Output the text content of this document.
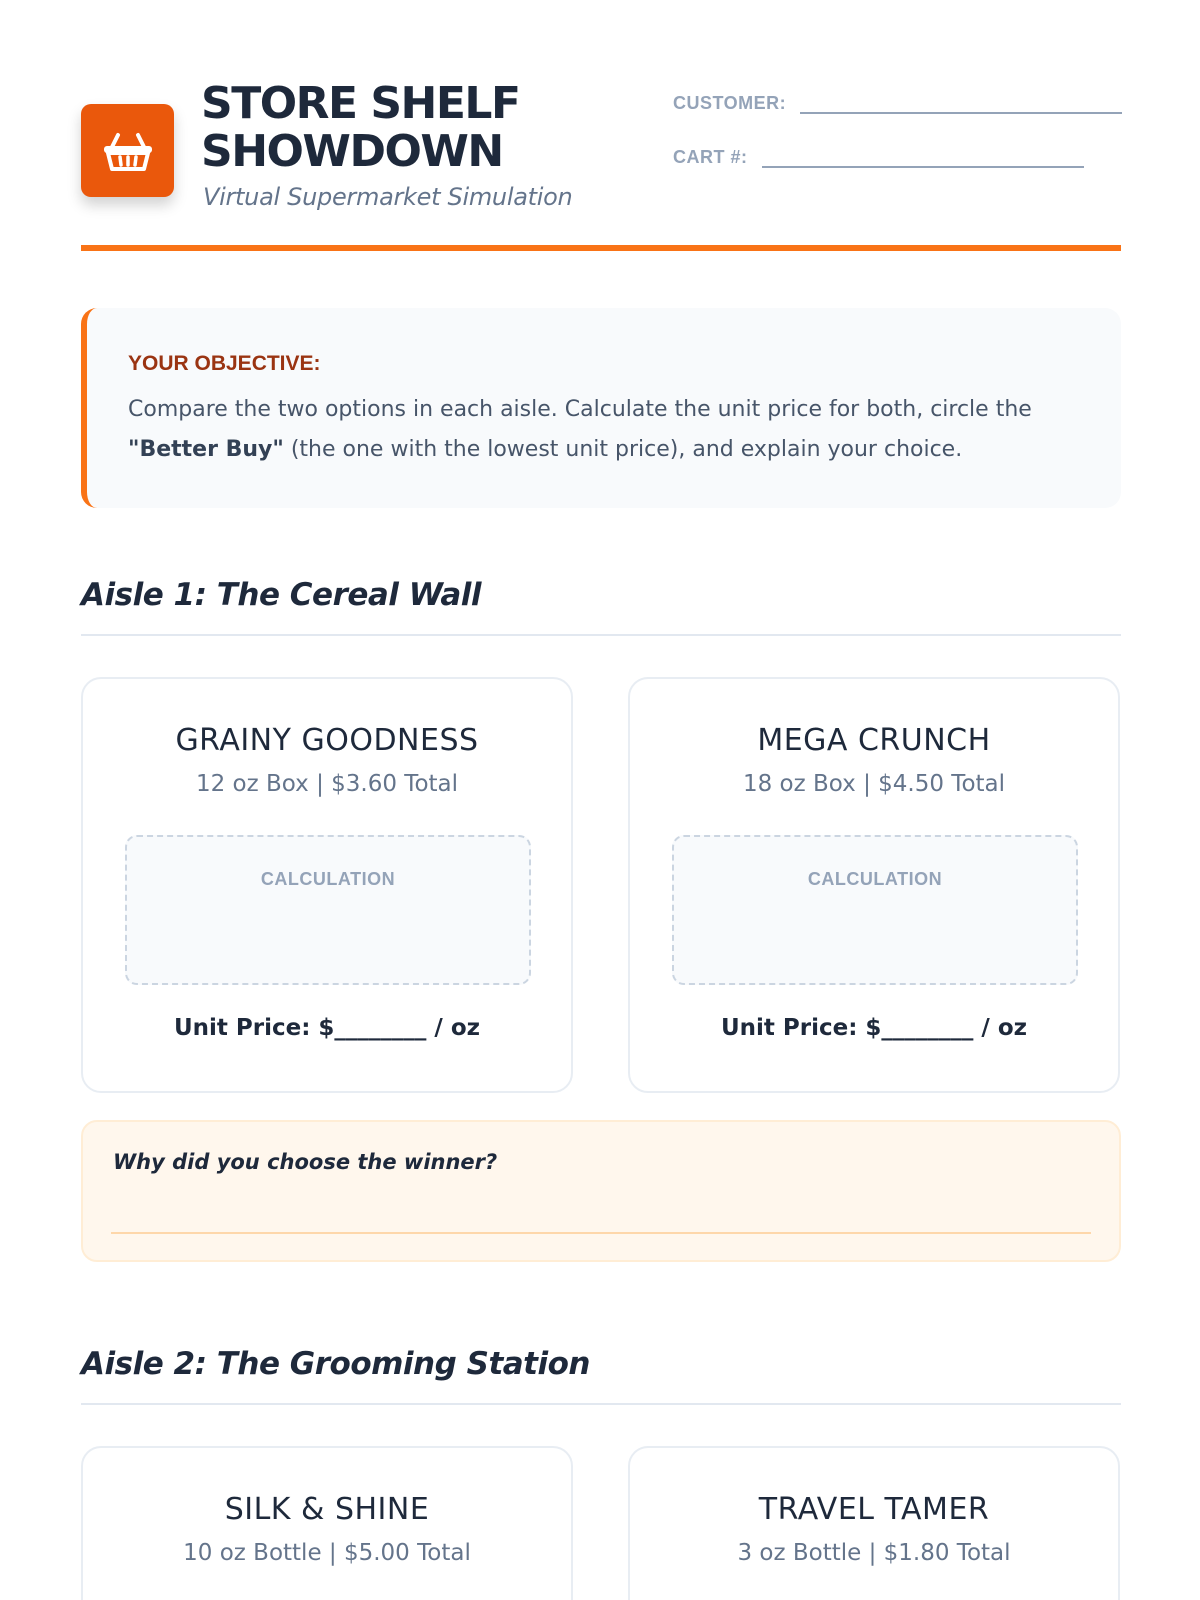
STORE SHELF
SHOWDOWN
Virtual Supermarket Simulation
CUSTOMER:
CART #:
YOUR OBJECTIVE:
Compare the two options in each aisle. Calculate the unit price for both, circle the "Better Buy" (the one with the lowest unit price), and explain your choice.
Aisle 1: The Cereal Wall
GRAINY GOODNESS
12 oz Box | $3.60 Total
CALCULATION
Unit Price: $________ / oz
MEGA CRUNCH
18 oz Box | $4.50 Total
CALCULATION
Unit Price: $________ / oz
Why did you choose the winner?
Aisle 2: The Grooming Station
SILK & SHINE
10 oz Bottle | $5.00 Total
TRAVEL TAMER
3 oz Bottle | $1.80 Total
